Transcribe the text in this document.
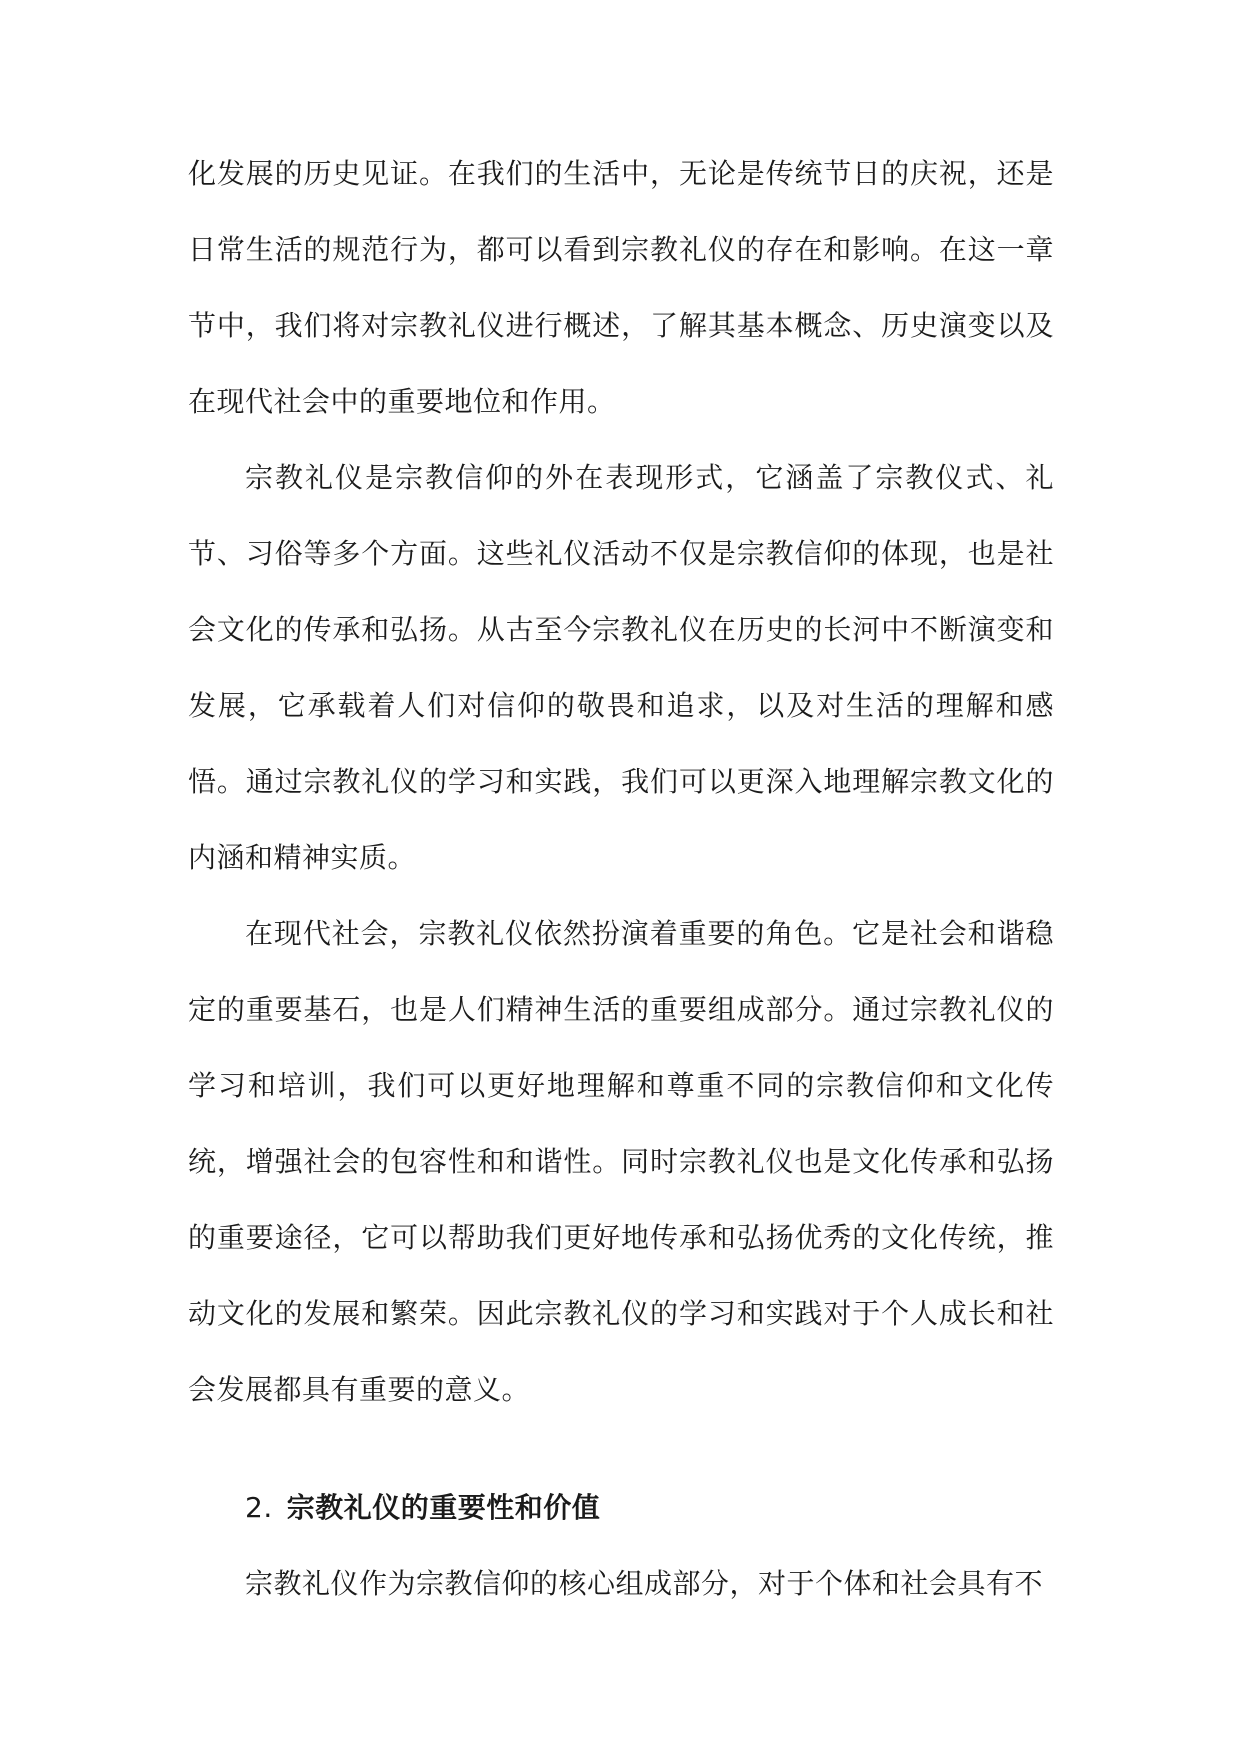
化发展的历史见证。在我们的生活中，无论是传统节日的庆祝，还是日常生活的规范行为，都可以看到宗教礼仪的存在和影响。在这一章节中，我们将对宗教礼仪进行概述，了解其基本概念、历史演变以及在现代社会中的重要地位和作用。

宗教礼仪是宗教信仰的外在表现形式，它涵盖了宗教仪式、礼节、习俗等多个方面。这些礼仪活动不仅是宗教信仰的体现，也是社会文化的传承和弘扬。从古至今宗教礼仪在历史的长河中不断演变和发展，它承载着人们对信仰的敬畏和追求，以及对生活的理解和感悟。通过宗教礼仪的学习和实践，我们可以更深入地理解宗教文化的内涵和精神实质。

在现代社会，宗教礼仪依然扮演着重要的角色。它是社会和谐稳定的重要基石，也是人们精神生活的重要组成部分。通过宗教礼仪的学习和培训，我们可以更好地理解和尊重不同的宗教信仰和文化传统，增强社会的包容性和和谐性。同时宗教礼仪也是文化传承和弘扬的重要途径，它可以帮助我们更好地传承和弘扬优秀的文化传统，推动文化的发展和繁荣。因此宗教礼仪的学习和实践对于个人成长和社会发展都具有重要的意义。

2. 宗教礼仪的重要性和价值

宗教礼仪作为宗教信仰的核心组成部分，对于个体和社会具有不
